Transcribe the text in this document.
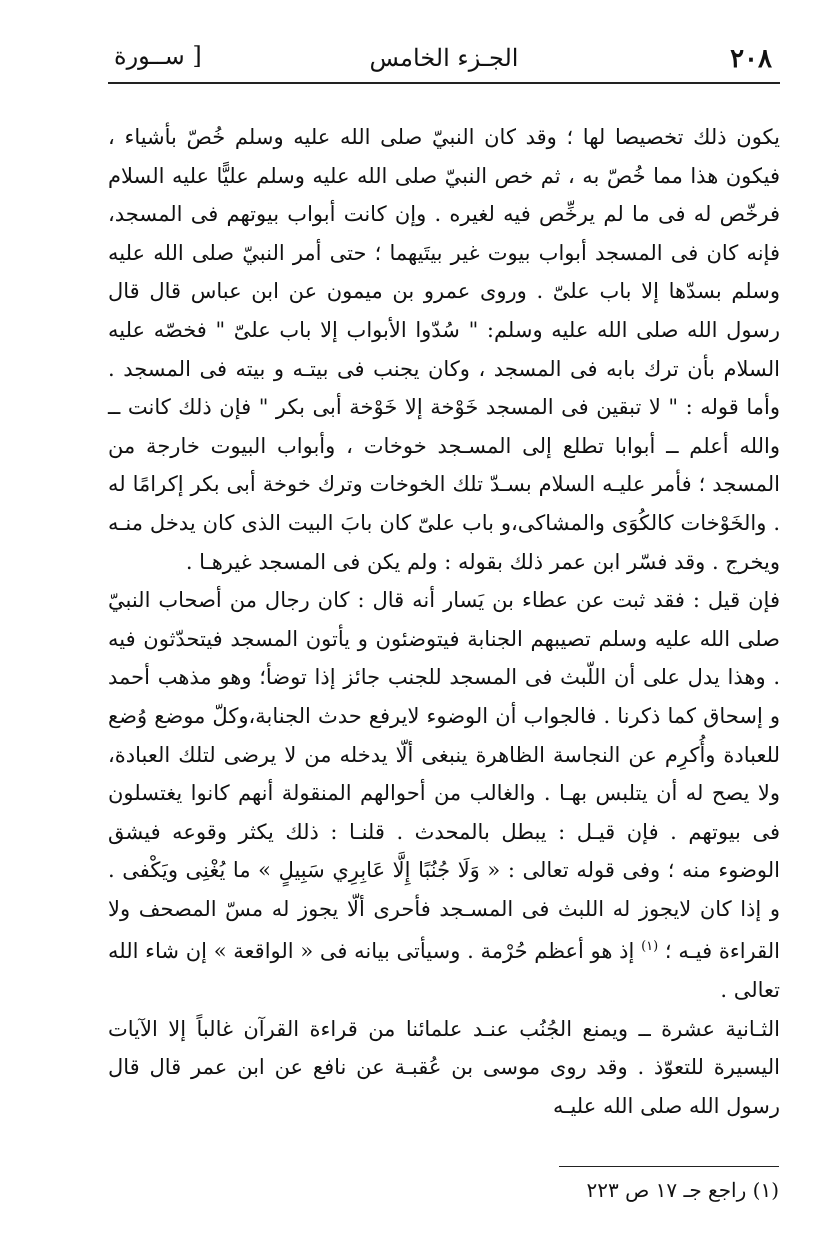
٢٠٨
الجـزء الخامس
[ ســورة

يكون ذلك تخصيصا لها ؛ وقد كان النبيّ صلى الله عليه وسلم خُصّ بأشياء ، فيكون هذا مما خُصّ به ، ثم خص النبيّ صلى الله عليه وسلم عليًّا عليه السلام فرخّص له فى ما لم يرخِّص فيه لغيره . وإن كانت أبواب بيوتهم فى المسجد، فإنه كان فى المسجد أبواب بيوت غير بيتَيهما ؛ حتى أمر النبيّ صلى الله عليه وسلم بسدّها إلا باب علىّ . وروى عمرو بن ميمون عن ابن عباس قال قال رسول الله صلى الله عليه وسلم: " سُدّوا الأبواب إلا باب علىّ " فخصّه عليه السلام بأن ترك بابه فى المسجد ، وكان يجنب فى بيتـه و بيته فى المسجد . وأما قوله : " لا تبقين فى المسجد خَوْخة إلا خَوْخة أبى بكر " فإن ذلك كانت ــ والله أعلم ــ أبوابا تطلع إلى المسـجد خوخات ، وأبواب البيوت خارجة من المسجد ؛ فأمر عليـه السلام بسـدّ تلك الخوخات وترك خوخة أبى بكر إكرامًا له . والخَوْخات كالكُوَى والمشاكى،و باب علىّ كان بابَ البيت الذى كان يدخل منـه ويخرج . وقد فسّر ابن عمر ذلك بقوله : ولم يكن فى المسجد غيرهـا .

فإن قيل : فقد ثبت عن عطاء بن يَسار أنه قال : كان رجال من أصحاب النبيّ صلى الله عليه وسلم تصيبهم الجنابة فيتوضئون و يأتون المسجد فيتحدّثون فيه . وهذا يدل على أن اللّبث فى المسجد للجنب جائز إذا توضأ؛ وهو مذهب أحمد و إسحاق كما ذكرنا . فالجواب أن الوضوء لايرفع حدث الجنابة،وكلّ موضع وُضع للعبادة وأُكرِم عن النجاسة الظاهرة ينبغى ألّا يدخله من لا يرضى لتلك العبادة، ولا يصح له أن يتلبس بهـا . والغالب من أحوالهم المنقولة أنهم كانوا يغتسلون فى بيوتهم . فإن قيـل : يبطل بالمحدث . قلنـا : ذلك يكثر وقوعه فيشق الوضوء منه ؛ وفى قوله تعالى : « وَلَا جُنُبًا إِلَّا عَابِرِي سَبِيلٍ » ما يُغْنِى ويَكْفى . و إذا كان لايجوز له اللبث فى المسـجد فأحرى ألّا يجوز له مسّ المصحف ولا القراءة فيـه ؛ $^{(١)}$ إذ هو أعظم حُرْمة . وسيأتى بيانه فى « الواقعة » إن شاء الله تعالى .

الثـانية عشرة ــ ويمنع الجُنُب عنـد علمائنا من قراءة القرآن غالباً إلا الآيات اليسيرة للتعوّذ . وقد روى موسى بن عُقبـة عن نافع عن ابن عمر قال قال رسول الله صلى الله عليـه

(١) راجع جـ ١٧ ص ٢٢٣
